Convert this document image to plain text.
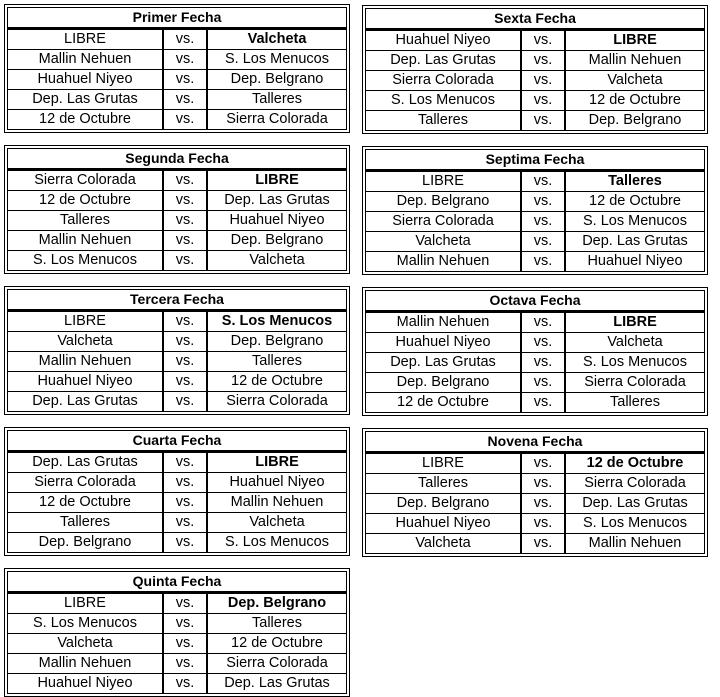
Primer Fecha
LIBRE	vs.	Valcheta
Mallin Nehuen	vs.	S. Los Menucos
Huahuel Niyeo	vs.	Dep. Belgrano
Dep. Las Grutas	vs.	Talleres
12 de Octubre	vs.	Sierra Colorada
Sexta Fecha
Huahuel Niyeo	vs.	LIBRE
Dep. Las Grutas	vs.	Mallin Nehuen
Sierra Colorada	vs.	Valcheta
S. Los Menucos	vs.	12 de Octubre
Talleres	vs.	Dep. Belgrano
Segunda Fecha
Sierra Colorada	vs.	LIBRE
12 de Octubre	vs.	Dep. Las Grutas
Talleres	vs.	Huahuel Niyeo
Mallin Nehuen	vs.	Dep. Belgrano
S. Los Menucos	vs.	Valcheta
Septima Fecha
LIBRE	vs.	Talleres
Dep. Belgrano	vs.	12 de Octubre
Sierra Colorada	vs.	S. Los Menucos
Valcheta	vs.	Dep. Las Grutas
Mallin Nehuen	vs.	Huahuel Niyeo
Tercera Fecha
LIBRE	vs.	S. Los Menucos
Valcheta	vs.	Dep. Belgrano
Mallin Nehuen	vs.	Talleres
Huahuel Niyeo	vs.	12 de Octubre
Dep. Las Grutas	vs.	Sierra Colorada
Octava Fecha
Mallin Nehuen	vs.	LIBRE
Huahuel Niyeo	vs.	Valcheta
Dep. Las Grutas	vs.	S. Los Menucos
Dep. Belgrano	vs.	Sierra Colorada
12 de Octubre	vs.	Talleres
Cuarta Fecha
Dep. Las Grutas	vs.	LIBRE
Sierra Colorada	vs.	Huahuel Niyeo
12 de Octubre	vs.	Mallin Nehuen
Talleres	vs.	Valcheta
Dep. Belgrano	vs.	S. Los Menucos
Novena Fecha
LIBRE	vs.	12 de Octubre
Talleres	vs.	Sierra Colorada
Dep. Belgrano	vs.	Dep. Las Grutas
Huahuel Niyeo	vs.	S. Los Menucos
Valcheta	vs.	Mallin Nehuen
Quinta Fecha
LIBRE	vs.	Dep. Belgrano
S. Los Menucos	vs.	Talleres
Valcheta	vs.	12 de Octubre
Mallin Nehuen	vs.	Sierra Colorada
Huahuel Niyeo	vs.	Dep. Las Grutas
